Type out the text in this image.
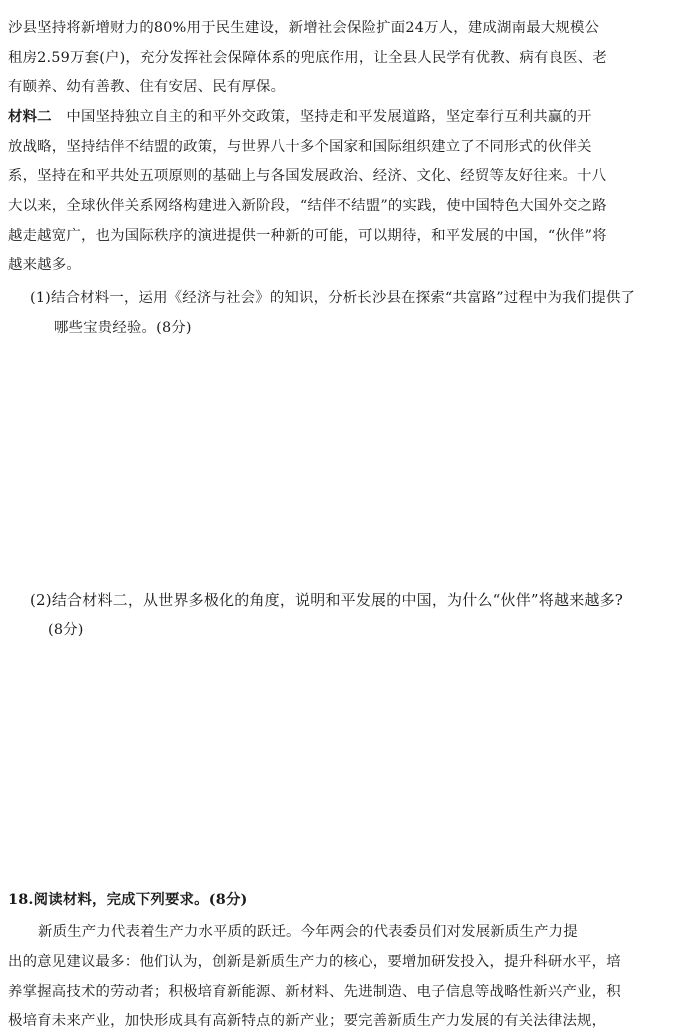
沙县坚持将新增财力的80%用于民生建设，新增社会保险扩面24万人，建成湖南最大规模公
租房2.59万套(户)，充分发挥社会保障体系的兜底作用，让全县人民学有优教、病有良医、老
有颐养、幼有善教、住有安居、民有厚保。
材料二　中国坚持独立自主的和平外交政策，坚持走和平发展道路，坚定奉行互利共赢的开
放战略，坚持结伴不结盟的政策，与世界八十多个国家和国际组织建立了不同形式的伙伴关
系，坚持在和平共处五项原则的基础上与各国发展政治、经济、文化、经贸等友好往来。十八
大以来，全球伙伴关系网络构建进入新阶段，“结伴不结盟”的实践，使中国特色大国外交之路
越走越宽广，也为国际秩序的演进提供一种新的可能，可以期待，和平发展的中国，“伙伴”将
越来越多。
(1)结合材料一，运用《经济与社会》的知识，分析长沙县在探索“共富路”过程中为我们提供了
哪些宝贵经验。(8分)
(2)结合材料二，从世界多极化的角度，说明和平发展的中国，为什么“伙伴”将越来越多?
(8分)
18.阅读材料，完成下列要求。(8分)
新质生产力代表着生产力水平质的跃迁。今年两会的代表委员们对发展新质生产力提
出的意见建议最多：他们认为，创新是新质生产力的核心，要增加研发投入，提升科研水平，培
养掌握高技术的劳动者；积极培育新能源、新材料、先进制造、电子信息等战略性新兴产业，积
极培育未来产业，加快形成具有高新特点的新产业；要完善新质生产力发展的有关法律法规，
